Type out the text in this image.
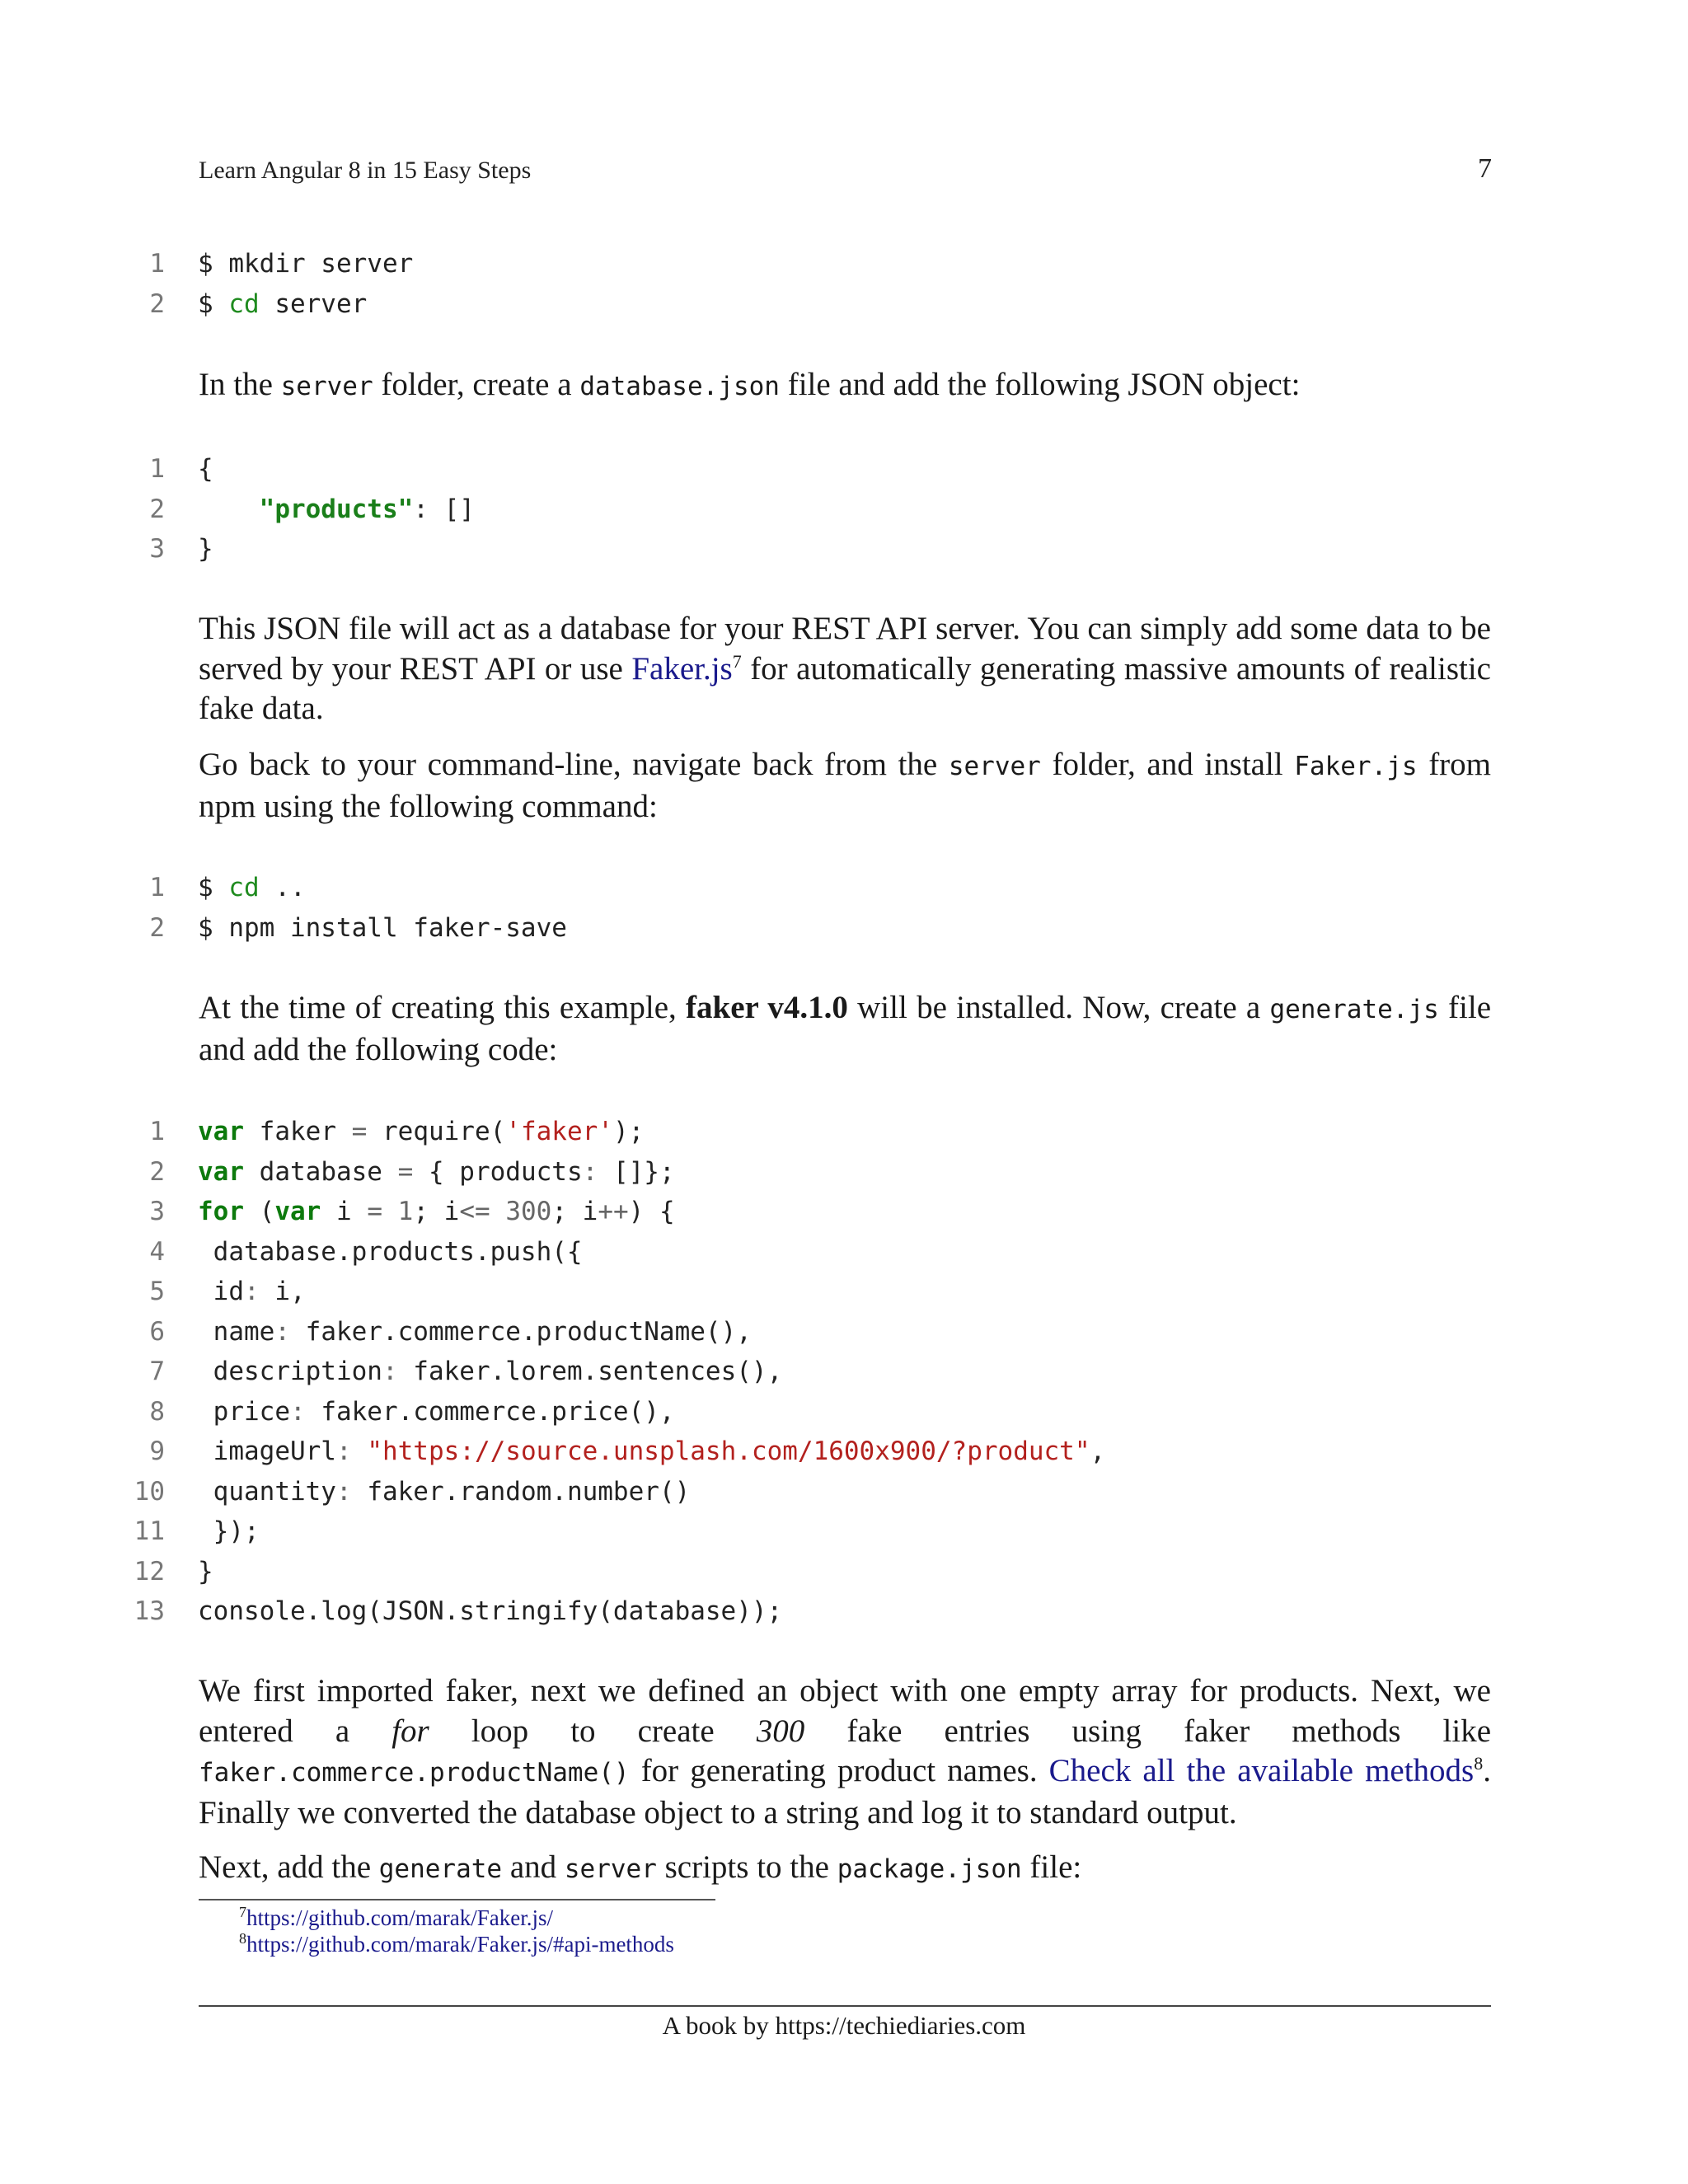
Learn Angular 8 in 15 Easy Steps	7
1 $ mkdir server
2 $ cd server

In the server folder, create a database.json file and add the following JSON object:

1 {
2	"products": []
3 }

This JSON file will act as a database for your REST API server. You can simply add some data to be served by your REST API or use $Faker.js^7$ for automatically generating massive amounts of realistic fake data.

Go back to your command-line, navigate back from the server folder, and install Faker.js from npm using the following command:

1 $ cd ..
2 $ npm install faker-save

At the time of creating this example, faker v4.1.0 will be installed. Now, create a generate.js file and add the following code:

1 var faker = require('faker');
2 var database = { products: []};
3 for (var i = 1; i<= 300; i++) {
4 database.products.push({
5 id: i,
6 name: faker.commerce.productName(),
7 description: faker.lorem.sentences(),
8 price: faker.commerce.price(),
9 imageUrl: "https://source.unsplash.com/1600x900/?product",
10 quantity: faker.random.number()
11 });
12 }
13 console.log(JSON.stringify(database));

We first imported faker, next we defined an object with one empty array for products. Next, we entered a for loop to create 300 fake entries using faker methods like faker.commerce.productName() for generating product names. Check all the available methods$^8$. Finally we converted the database object to a string and log it to standard output.

Next, add the generate and server scripts to the package.json file:

$^7$https://github.com/marak/Faker.js/
$^8$https://github.com/marak/Faker.js/#api-methods
A book by https://techiediaries.com
